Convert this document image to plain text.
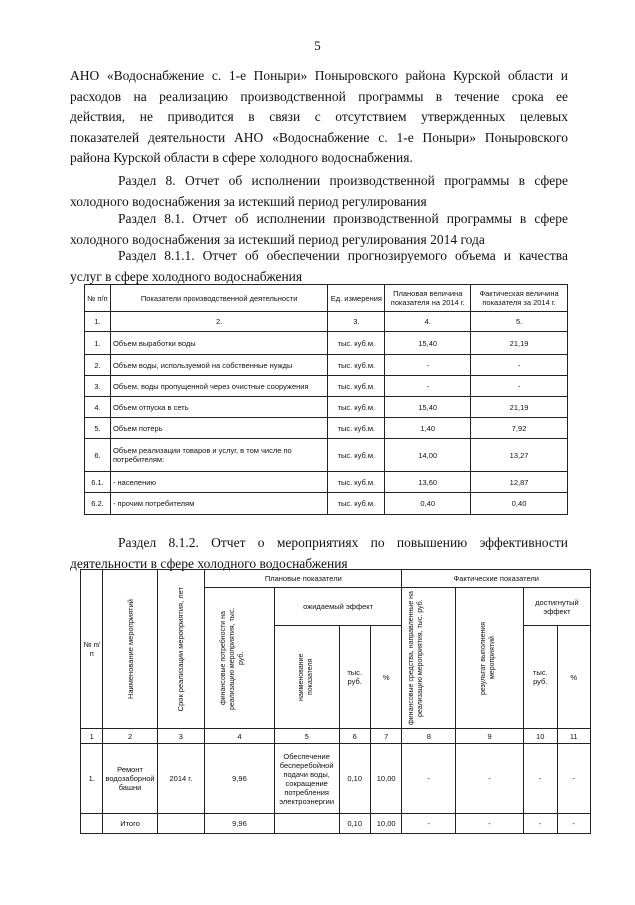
5
АНО «Водоснабжение с. 1-е Поныри» Поныровского района Курской области и
расходов на реализацию производственной программы в течение срока ее
действия, не приводится в связи с отсутствием утвержденных целевых
показателей деятельности АНО «Водоснабжение с. 1-е Поныри» Поныровского
района Курской области в сфере холодного водоснабжения.
Раздел 8. Отчет об исполнении производственной программы в сфере
холодного водоснабжения за истекший период регулирования
Раздел 8.1. Отчет об исполнении производственной программы в сфере
холодного водоснабжения за истекший период регулирования 2014 года
Раздел 8.1.1. Отчет об обеспечении прогнозируемого объема и качества
услуг в сфере холодного водоснабжения
№ п/п	Показатели производственной деятельности	Ед. измерения	Плановая величина показателя на 2014 г.	Фактическая величина показателя за 2014 г.
1.	2.	3.	4.	5.
1.	Объем выработки воды	тыс. куб.м.	15,40	21,19
2.	Объем воды, используемой на собственные нужды	тыс. куб.м.	-	-
3.	Объем, воды пропущенной через очистные сооружения	тыс. куб.м.	-	-
4.	Объем отпуска в сеть	тыс. куб.м.	15,40	21,19
5.	Объем потерь	тыс. куб.м.	1,40	7,92
6.	Объем реализации товаров и услуг, в том числе по потребителям:	тыс. куб.м.	14,00	13,27
6.1.	- населению	тыс. куб.м.	13,60	12,87
6.2.	- прочим потребителям	тыс. куб.м.	0,40	0,40
Раздел 8.1.2. Отчет о мероприятиях по повышению эффективности
деятельности в сфере холодного водоснабжения
№ п/п	Наименование мероприятий	Срок реализации мероприятия, лет	Плановые показатели				Фактические показатели			

			финансовые потребности на реализацию мероприятия, тыс. руб.	ожидаемый эффект			финансовые средства, направленные на реализацию мероприятия, тыс. руб.	результат выполнения мероприятий	достигнутый эффект	

				наименование показателя	тыс. руб.	%			тыс. руб.	%
1	2	3	4	5	6	7	8	9	10	11
1.	Ремонт водозаборной башни	2014 г.	9,96	Обеспечение бесперебойной подачи воды, сокращение потребления электроэнергии	0,10	10,00	-	-	-	-
	Итого		9,96		0,10	10,00	-	-	-	-
